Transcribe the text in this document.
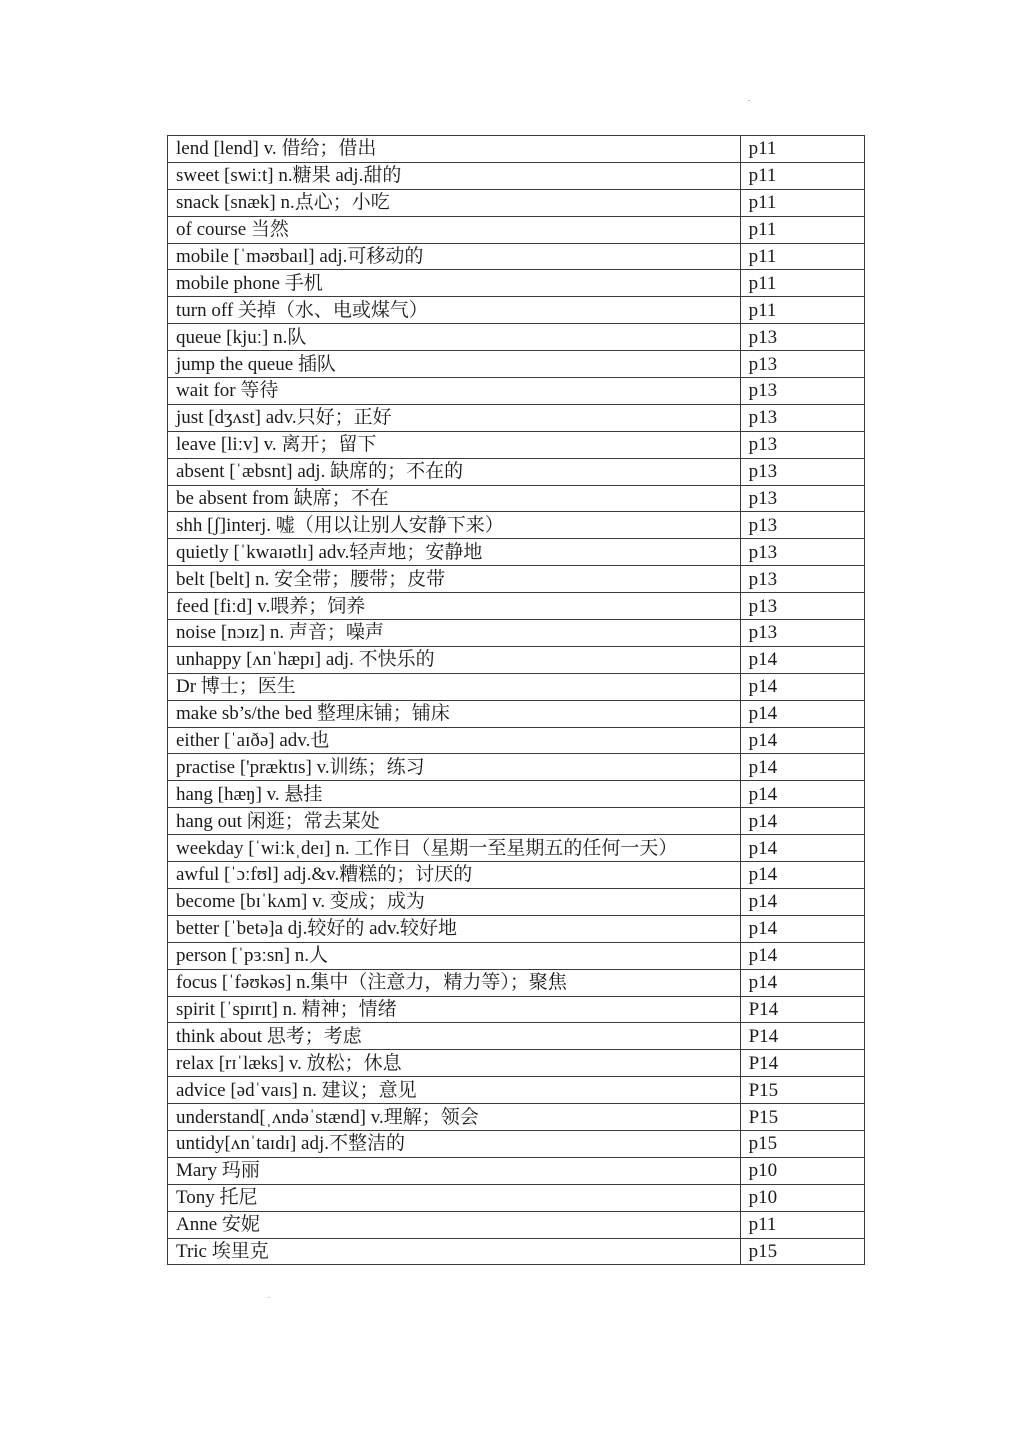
lend [lend] v. 借给；借出	p11
sweet [swiːt] n.糖果 adj.甜的	p11
snack [snæk] n.点心；小吃	p11
of course 当然	p11
mobile [ˈməʊbaɪl] adj.可移动的	p11
mobile phone 手机	p11
turn off 关掉（水、电或煤气）	p11
queue [kjuː] n.队	p13
jump the queue 插队	p13
wait for 等待	p13
just [dʒʌst] adv.只好；正好	p13
leave [liːv] v. 离开；留下	p13
absent [ˈæbsnt] adj. 缺席的；不在的	p13
be absent from 缺席；不在	p13
shh [ʃ]interj. 嘘（用以让别人安静下来）	p13
quietly [ˈkwaɪətlɪ] adv.轻声地；安静地	p13
belt [belt] n. 安全带；腰带；皮带	p13
feed [fiːd] v.喂养；饲养	p13
noise [nɔɪz] n. 声音；噪声	p13
unhappy [ʌnˈhæpɪ] adj. 不快乐的	p14
Dr 博士；医生	p14
make sb’s/the bed 整理床铺；铺床	p14
either [ˈaɪðə] adv.也	p14
practise ['præktɪs] v.训练；练习	p14
hang [hæŋ] v. 悬挂	p14
hang out 闲逛；常去某处	p14
weekday [ˈwiːkˌdeɪ] n. 工作日（星期一至星期五的任何一天）	p14
awful [ˈɔːfʊl] adj.&v.糟糕的；讨厌的	p14
become [bɪˈkʌm] v. 变成；成为	p14
better [ˈbetə]a dj.较好的 adv.较好地	p14
person [ˈpɜːsn] n.人	p14
focus [ˈfəʊkəs] n.集中（注意力，精力等）；聚焦	p14
spirit [ˈspɪrɪt] n. 精神；情绪	P14
think about 思考；考虑	P14
relax [rɪˈlæks] v. 放松；休息	P14
advice [ədˈvaɪs] n. 建议；意见	P15
understand[ˌʌndəˈstænd] v.理解；领会	P15
untidy[ʌnˈtaɪdɪ] adj.不整洁的	p15
Mary 玛丽	p10
Tony 托尼	p10
Anne 安妮	p11
Tric 埃里克	p15
